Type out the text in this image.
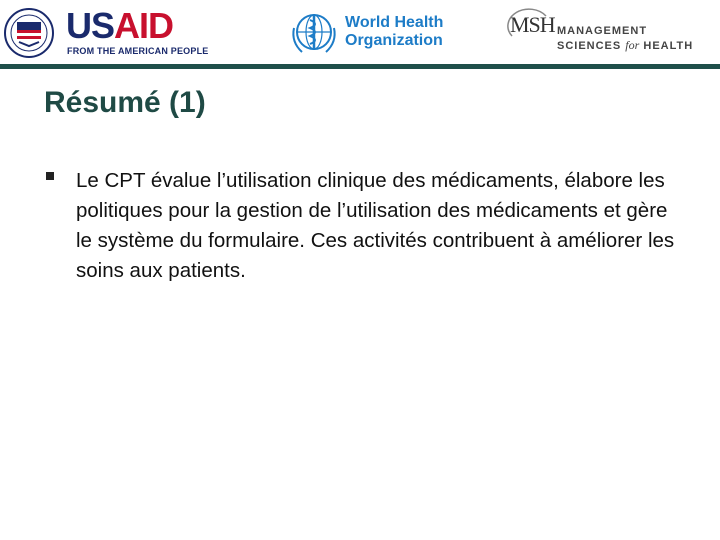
USAID
FROM THE AMERICAN PEOPLE
World Health
Organization
MSH MANAGEMENT
SCIENCES for HEALTH
Résumé (1)
Le CPT évalue l’utilisation clinique des médicaments, élabore les politiques pour la gestion de l’utilisation des médicaments et gère le système du formulaire. Ces activités contribuent à améliorer les soins aux patients.
